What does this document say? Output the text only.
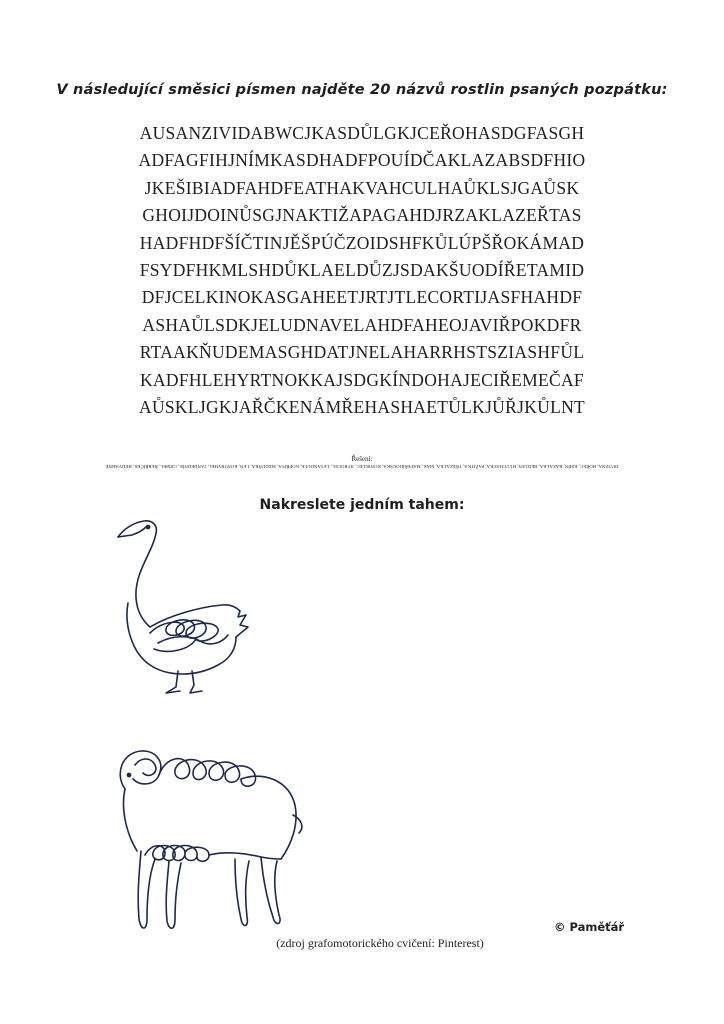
V následující směsici písmen najděte 20 názvů rostlin psaných pozpátku:
AUSANZIVIDABWCJKASDŮLGKJCEŘOHASDGFASGH
ADFAGFIHJNÍMKASDHADFPOUÍDČAKLAZABSDFHIO
JKEŠIBIADFAHDFEATHAKVAHCULHAŮKLSJGAŮSK
GHOIJDOINŮSGJNAKTIŽAPAGAHDJRZAKLAZEŘTAS
HADFHDFŠÍČTINJĚŠPÚČZOIDSHFKŮLÚPŠŘOKÁMAD
FSYDFHKMLSHDŮKLAELDŮZJSDAKŠUODÍŘETAMID
DFJCELKINOKASGAHEETJRTJTLECORTIJASFHAHDF
ASHAŮLSDKJELUDNAVELAHDFAHEOJAVIŘPOKDFR
RTAAKŇUDEMASGHDATJNELAHARRHSTSZIASHFŮL
KADFHLEHYRTNOKKAJSDGKÍNDOHAJECIŘEMEČAF
AŮSKLJGKJAŘČKENÁMŘEHASHAETŮLKJŮŘJKŮLNT
Řešení:
DIVIZNA, HOŘEC, KMÍN, BAZALKA, BEDLEN, HLUCHAVKA, PAŽITKA, TŘEZALKA, MÁK, MATEŘÍDOUŠKA, KONIKLEC, JITROCEL, LEVANDULE, KOPŘIVA, MEDUŇKA, LEN, KONTRYHEL, JANDEDNÍK, CHMEL, ŘEBŘÍČEK, HEDVÁBNÉ
Nakreslete jedním tahem:
© Paměťář
(zdroj grafomotorického cvičení: Pinterest)
